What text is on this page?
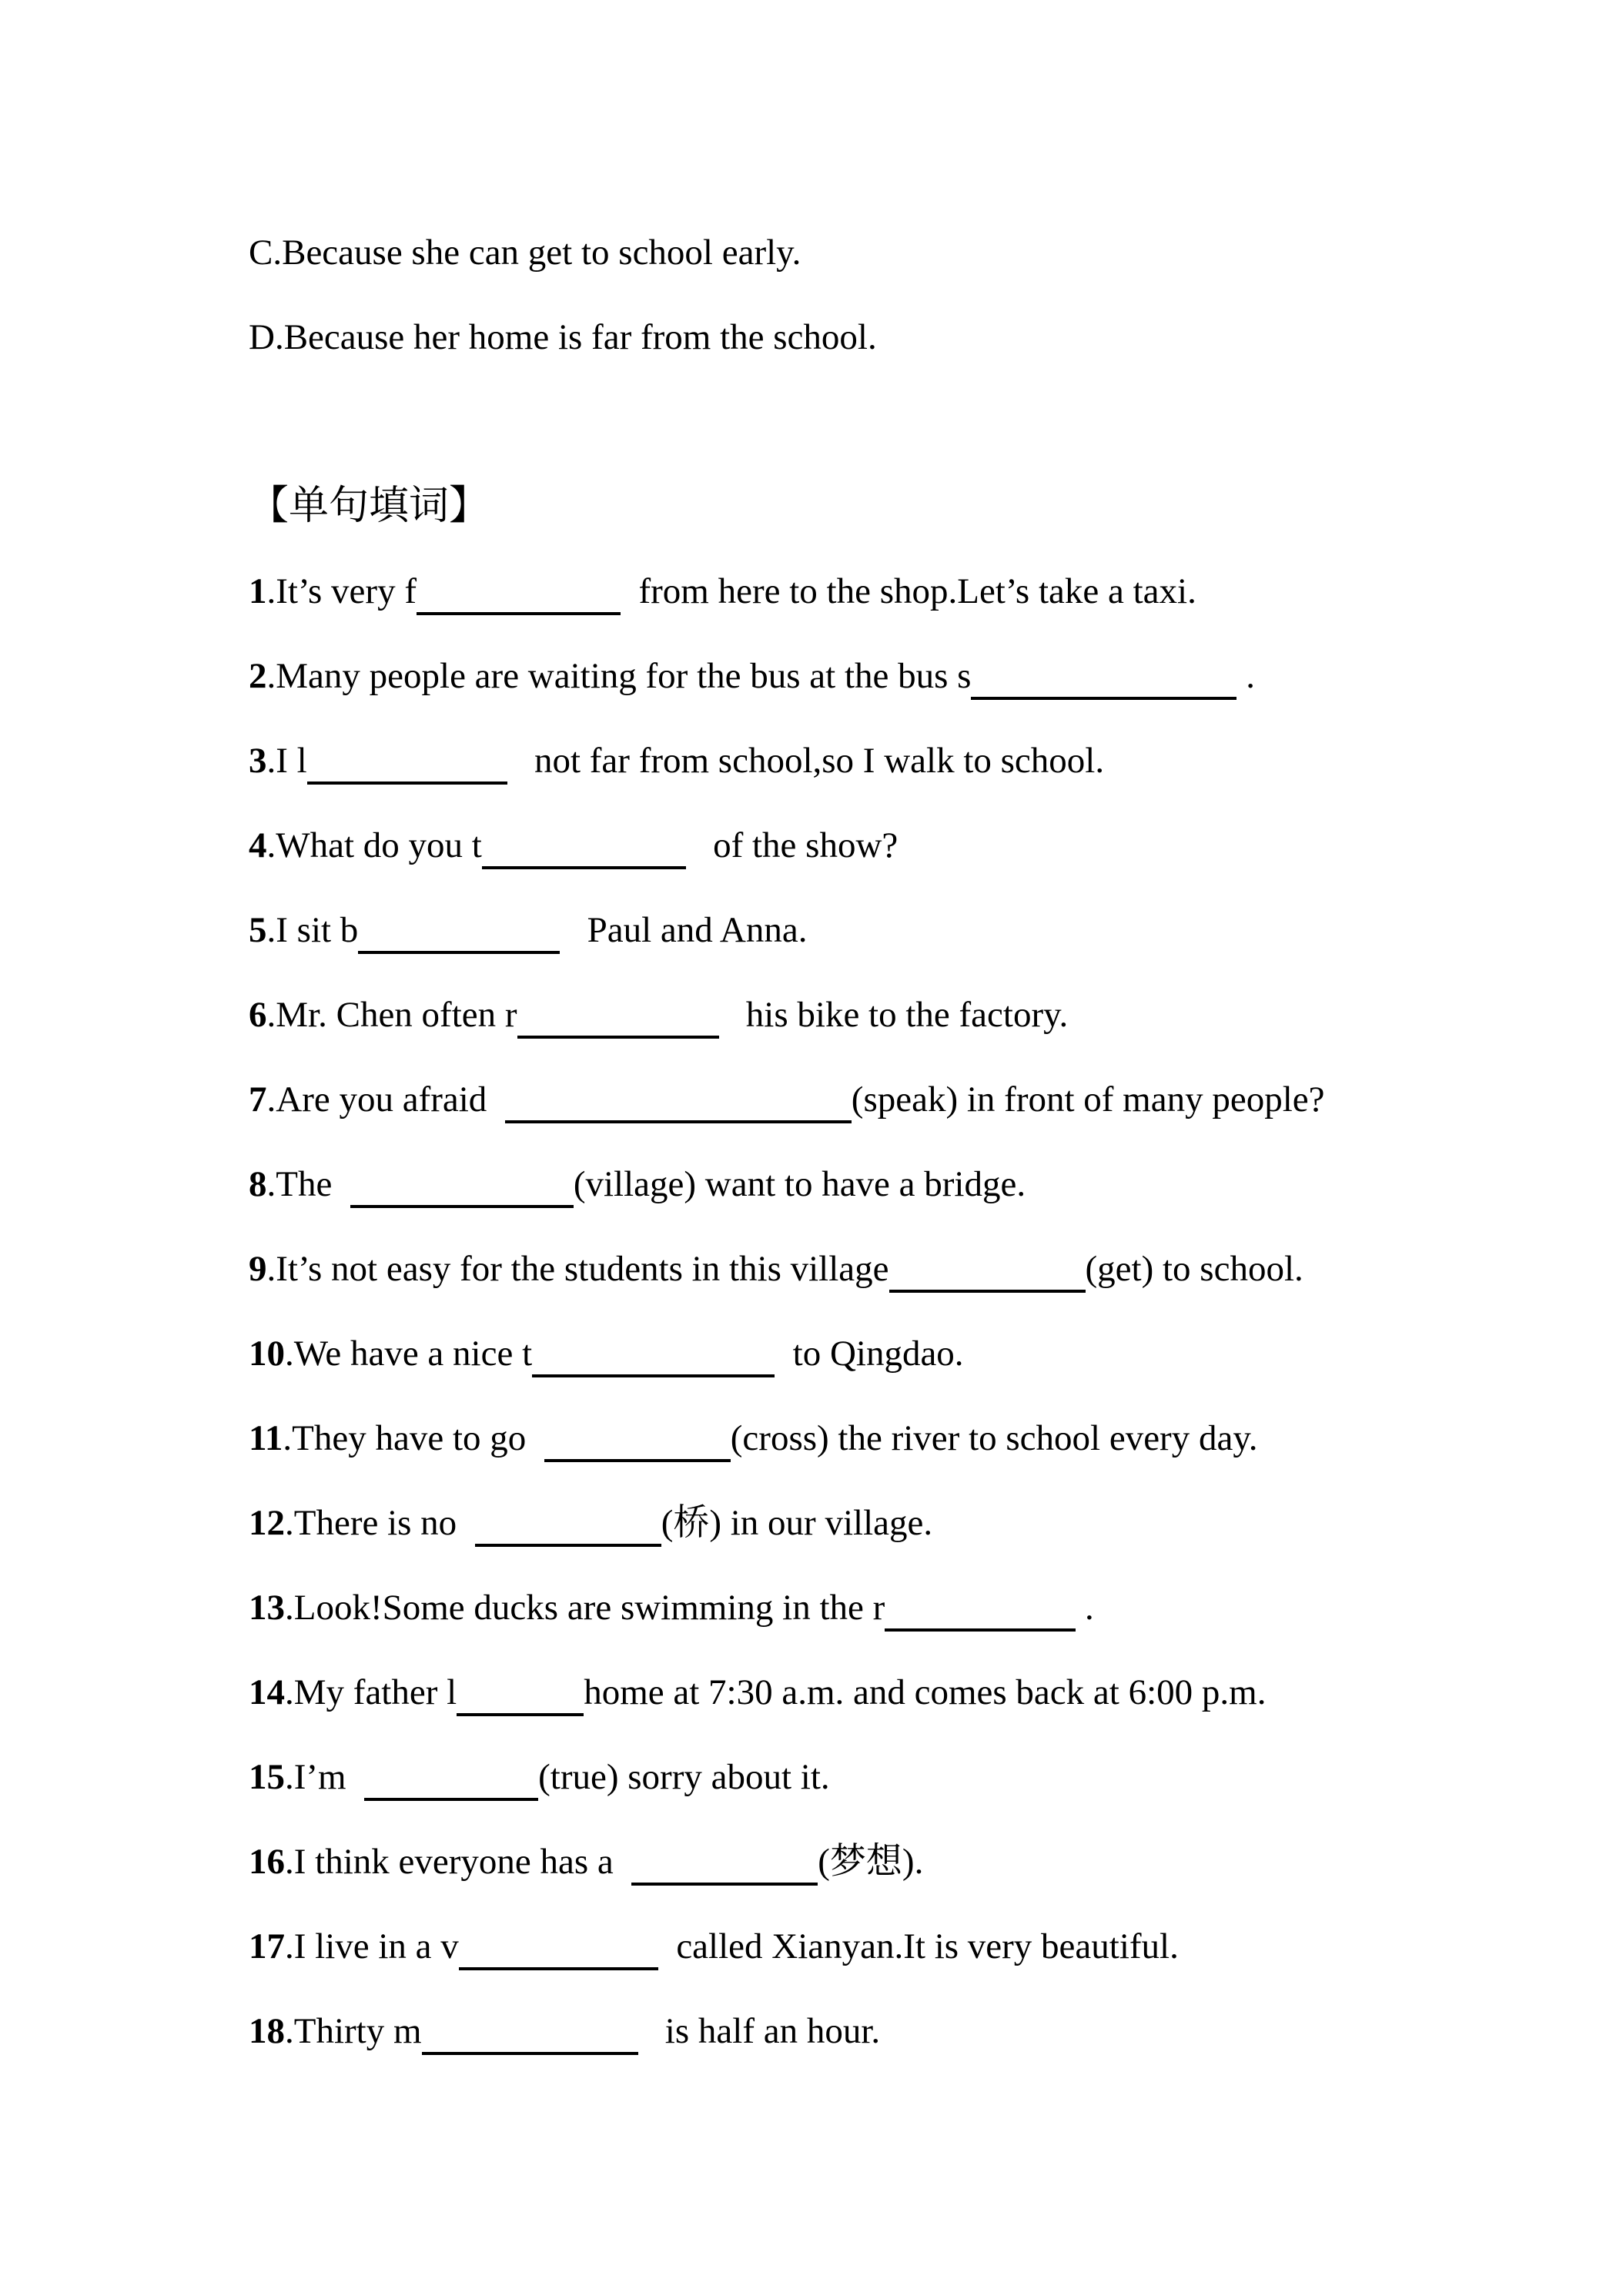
C.Because she can get to school early.

D.Because her home is far from the school.

【单句填词】

1.It’s very f	from here to the shop.Let’s take a taxi.

2.Many people are waiting for the bus at the bus s	.

3.I l	not far from school,so I walk to school.

4.What do you t	of the show?

5.I sit b	Paul and Anna.

6.Mr. Chen often r	his bike to the factory.

7.Are you afraid	(speak) in front of many people?

8.The	(village) want to have a bridge.

9.It’s not easy for the students in this village	(get) to school.

10.We have a nice t	to Qingdao.

11.They have to go	(cross) the river to school every day.

12.There is no	(桥) in our village.

13.Look!Some ducks are swimming in the r	.

14.My father l	home at 7:30 a.m. and comes back at 6:00 p.m.

15.I’m	(true) sorry about it.

16.I think everyone has a	(梦想).

17.I live in a v	called Xianyan.It is very beautiful.

18.Thirty m	is half an hour.
